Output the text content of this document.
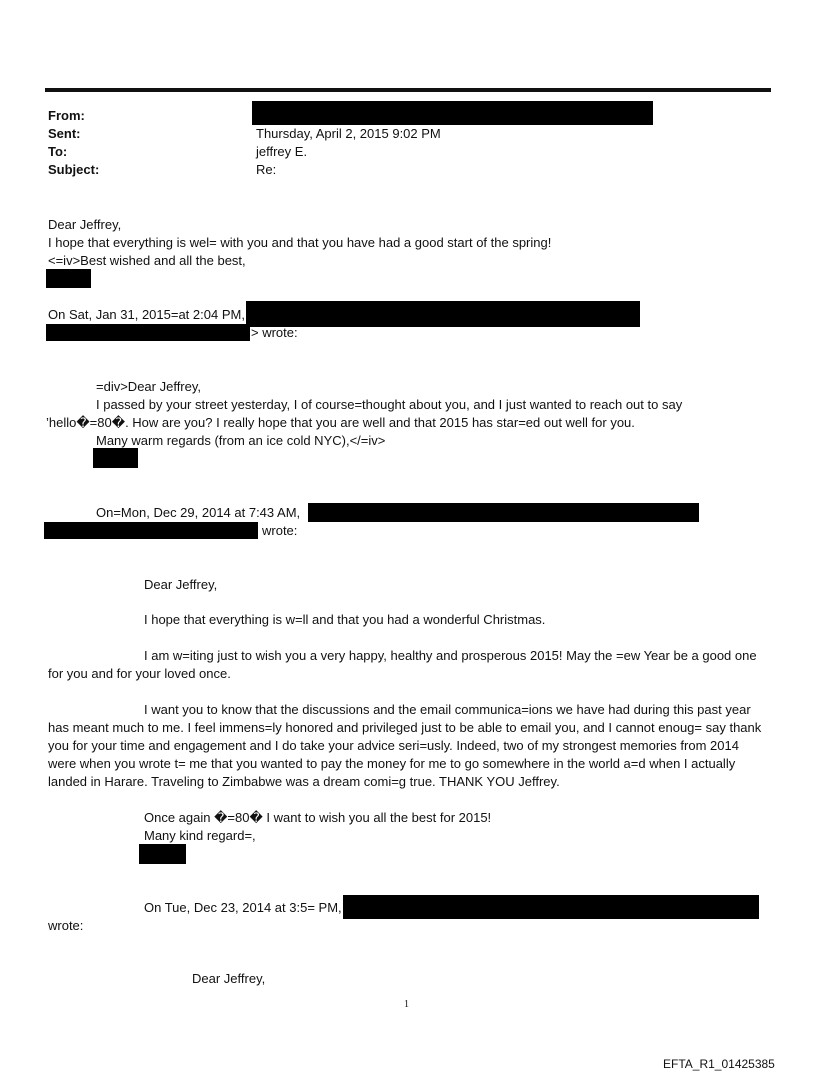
From:
Sent:	Thursday, April 2, 2015 9:02 PM
To:	jeffrey E.
Subject:	Re:
Dear Jeffrey,
I hope that everything is wel= with you and that you have had a good start of the spring!
<=iv>Best wished and all the best,
On Sat, Jan 31, 2015=at 2:04 PM,
> wrote:
=div>Dear Jeffrey,
I passed by your street yesterday, I of course=thought about you, and I just wanted to reach out to say
’hello�=80�. How are you? I really hope that you are well and that 2015 has star=ed out well for you.
Many warm regards (from an ice cold NYC),</=iv>
On=Mon, Dec 29, 2014 at 7:43 AM,
wrote:
Dear Jeffrey,
I hope that everything is w=ll and that you had a wonderful Christmas.
I am w=iting just to wish you a very happy, healthy and prosperous 2015! May the =ew Year be a good one for you and for your loved once.
I want you to know that the discussions and the email communica=ions we have had during this past year has meant much to me. I feel immens=ly honored and privileged just to be able to email you, and I cannot enoug= say thank you for your time and engagement and I do take your advice seri=usly. Indeed, two of my strongest memories from 2014 were when you wrote t= me that you wanted to pay the money for me to go somewhere in the world a=d when I actually landed in Harare. Traveling to Zimbabwe was a dream comi=g true. THANK YOU Jeffrey.
Once again �=80� I want to wish you all the best for 2015!
Many kind regard=,
On Tue, Dec 23, 2014 at 3:5= PM,
wrote:
Dear Jeffrey,
1
EFTA_R1_01425385
